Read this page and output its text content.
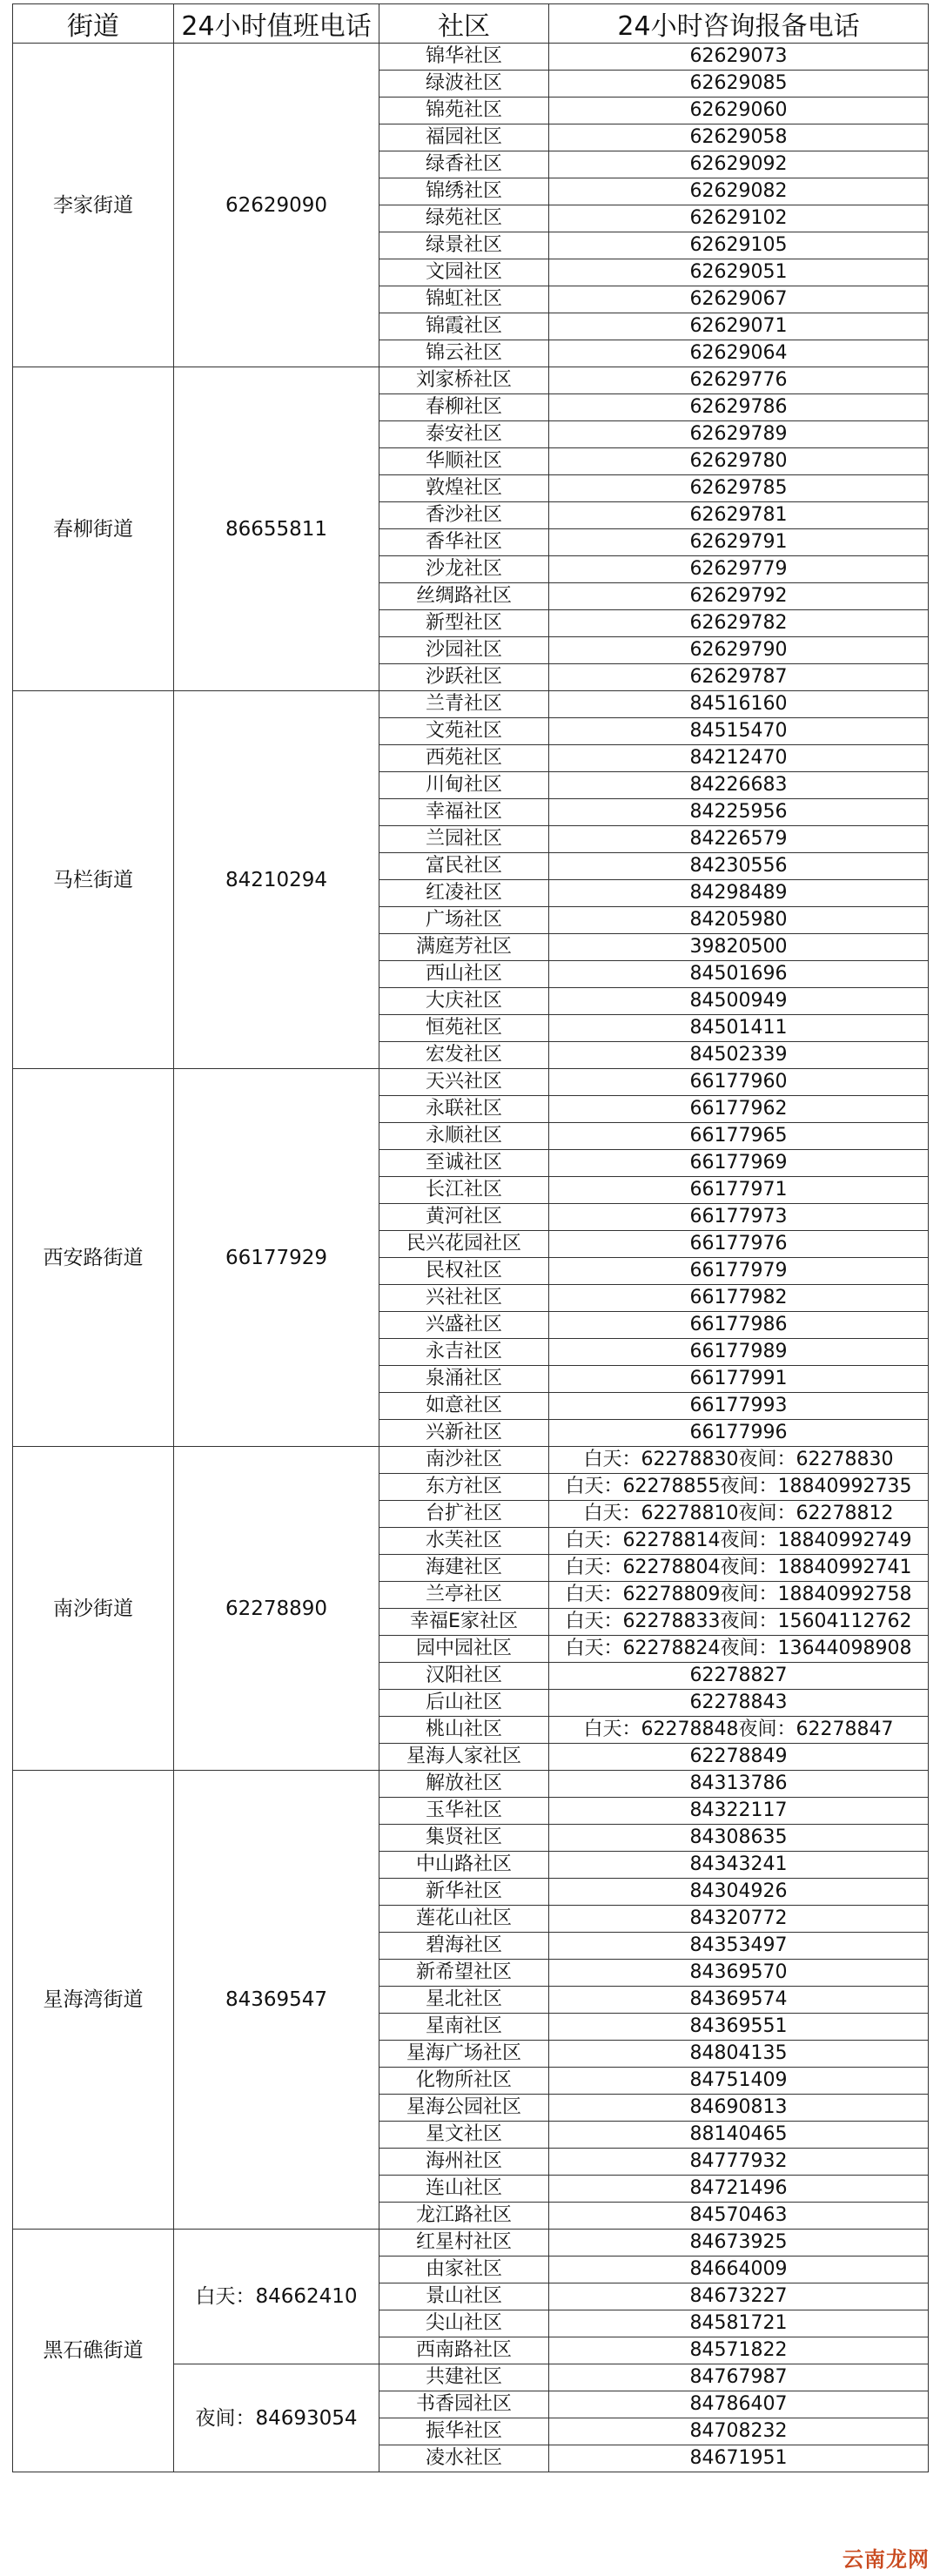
街道	24小时值班电话	社区	24小时咨询报备电话
李家街道	62629090	锦华社区	62629073
		绿波社区	62629085
		锦苑社区	62629060
		福园社区	62629058
		绿香社区	62629092
		锦绣社区	62629082
		绿苑社区	62629102
		绿景社区	62629105
		文园社区	62629051
		锦虹社区	62629067
		锦霞社区	62629071
		锦云社区	62629064
春柳街道	86655811	刘家桥社区	62629776
		春柳社区	62629786
		泰安社区	62629789
		华顺社区	62629780
		敦煌社区	62629785
		香沙社区	62629781
		香华社区	62629791
		沙龙社区	62629779
		丝绸路社区	62629792
		新型社区	62629782
		沙园社区	62629790
		沙跃社区	62629787
马栏街道	84210294	兰青社区	84516160
		文苑社区	84515470
		西苑社区	84212470
		川甸社区	84226683
		幸福社区	84225956
		兰园社区	84226579
		富民社区	84230556
		红凌社区	84298489
		广场社区	84205980
		满庭芳社区	39820500
		西山社区	84501696
		大庆社区	84500949
		恒苑社区	84501411
		宏发社区	84502339
西安路街道	66177929	天兴社区	66177960
		永联社区	66177962
		永顺社区	66177965
		至诚社区	66177969
		长江社区	66177971
		黄河社区	66177973
		民兴花园社区	66177976
		民权社区	66177979
		兴社社区	66177982
		兴盛社区	66177986
		永吉社区	66177989
		泉涌社区	66177991
		如意社区	66177993
		兴新社区	66177996
南沙街道	62278890	南沙社区	白天：62278830夜间：62278830
		东方社区	白天：62278855夜间：18840992735
		台扩社区	白天：62278810夜间：62278812
		水芙社区	白天：62278814夜间：18840992749
		海建社区	白天：62278804夜间：18840992741
		兰亭社区	白天：62278809夜间：18840992758
		幸福E家社区	白天：62278833夜间：15604112762
		园中园社区	白天：62278824夜间：13644098908
		汉阳社区	62278827
		后山社区	62278843
		桃山社区	白天：62278848夜间：62278847
		星海人家社区	62278849
星海湾街道	84369547	解放社区	84313786
		玉华社区	84322117
		集贤社区	84308635
		中山路社区	84343241
		新华社区	84304926
		莲花山社区	84320772
		碧海社区	84353497
		新希望社区	84369570
		星北社区	84369574
		星南社区	84369551
		星海广场社区	84804135
		化物所社区	84751409
		星海公园社区	84690813
		星文社区	88140465
		海州社区	84777932
		连山社区	84721496
		龙江路社区	84570463
黑石礁街道	白天：84662410	红星村社区	84673925
		由家社区	84664009
		景山社区	84673227
		尖山社区	84581721
		西南路社区	84571822
	夜间：84693054	共建社区	84767987
		书香园社区	84786407
		振华社区	84708232
		凌水社区	84671951
云南龙网
